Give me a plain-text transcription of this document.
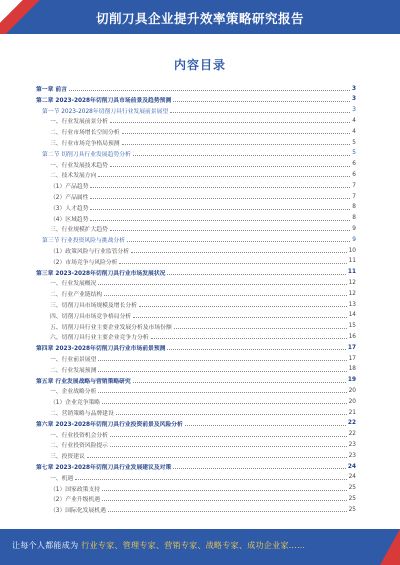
切削刀具企业提升效率策略研究报告
内容目录
第一章 前言	3
第二章 2023-2028年切削刀具市场前景及趋势预测	3
第一节 2023-2028年切削刀具行业发展前景展望	3
一、行业发展前景分析	4
二、行业市场增长空间分析	4
三、行业市场竞争格局预测	5
第二节 切削刀具行业发展趋势分析	5
一、行业发展技术趋势	6
二、技术发展方向	6
（1）产品趋势	7
（2）产品属性	7
（3）人才趋势	8
（4）区域趋势	8
三、行业规模扩大趋势	9
第三节 行业投资风险与挑战分析	9
（1）政策风险与行业监管分析	10
（2）市场竞争与风险分析	11
第三章 2023-2028年切削刀具行业市场发展状况	11
一、行业发展概况	12
二、行业产业链结构	12
三、切削刀具市场规模及增长分析	13
四、切削刀具市场竞争格局分析	14
五、切削刀具行业主要企业发展分析及市场份额	15
六、切削刀具行业主要企业竞争力分析	16
第四章 2023-2028年切削刀具行业市场前景预测	17
一、行业前景展望	17
二、行业发展预测	18
第五章 行业发展战略与营销策略研究	19
一、企业战略分析	20
（1）企业竞争策略	20
二、营销策略与品牌建设	21
第六章 2023-2028年切削刀具行业投资前景及风险分析	22
一、行业投资机会分析	22
二、行业投资风险提示	23
三、投资建议	23
第七章 2023-2028年切削刀具行业发展建议及对策	24
一、机遇	24
（1）国家政策支持	25
（2）产业升级机遇	25
（3）国际化发展机遇	25
让每个人都能成为 行业专家、管理专家、营销专家、战略专家、成功企业家……
